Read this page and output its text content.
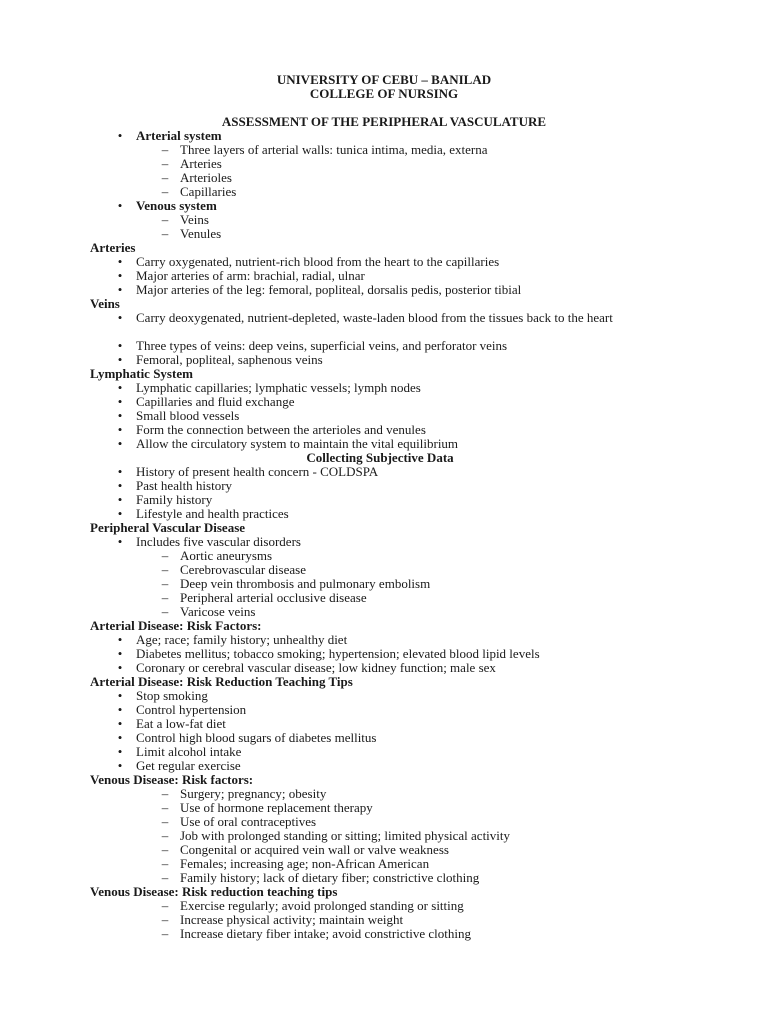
UNIVERSITY OF CEBU – BANILAD
COLLEGE OF NURSING
ASSESSMENT OF THE PERIPHERAL VASCULATURE
•	Arterial system
– Three layers of arterial walls: tunica intima, media, externa
– Arteries
– Arterioles
– Capillaries
•	Venous system
– Veins
– Venules
Arteries
•	Carry oxygenated, nutrient-rich blood from the heart to the capillaries
•	Major arteries of arm: brachial, radial, ulnar
•	Major arteries of the leg: femoral, popliteal, dorsalis pedis, posterior tibial
Veins
•	Carry deoxygenated, nutrient-depleted, waste-laden blood from the tissues back to the heart
•	Three types of veins: deep veins, superficial veins, and perforator veins
•	Femoral, popliteal, saphenous veins
Lymphatic System
•	Lymphatic capillaries; lymphatic vessels; lymph nodes
•	Capillaries and fluid exchange
•	Small blood vessels
•	Form the connection between the arterioles and venules
•	Allow the circulatory system to maintain the vital equilibrium
Collecting Subjective Data
•	History of present health concern - COLDSPA
•	Past health history
•	Family history
•	Lifestyle and health practices
Peripheral Vascular Disease
•	Includes five vascular disorders
– Aortic aneurysms
– Cerebrovascular disease
– Deep vein thrombosis and pulmonary embolism
– Peripheral arterial occlusive disease
– Varicose veins
Arterial Disease: Risk Factors:
•	Age; race; family history; unhealthy diet
•	Diabetes mellitus; tobacco smoking; hypertension; elevated blood lipid levels
•	Coronary or cerebral vascular disease; low kidney function; male sex
Arterial Disease: Risk Reduction Teaching Tips
•	Stop smoking
•	Control hypertension
•	Eat a low-fat diet
•	Control high blood sugars of diabetes mellitus
•	Limit alcohol intake
•	Get regular exercise
Venous Disease: Risk factors:
– Surgery; pregnancy; obesity
– Use of hormone replacement therapy
– Use of oral contraceptives
– Job with prolonged standing or sitting; limited physical activity
– Congenital or acquired vein wall or valve weakness
– Females; increasing age; non-African American
– Family history; lack of dietary fiber; constrictive clothing
Venous Disease: Risk reduction teaching tips
– Exercise regularly; avoid prolonged standing or sitting
– Increase physical activity; maintain weight
– Increase dietary fiber intake; avoid constrictive clothing
